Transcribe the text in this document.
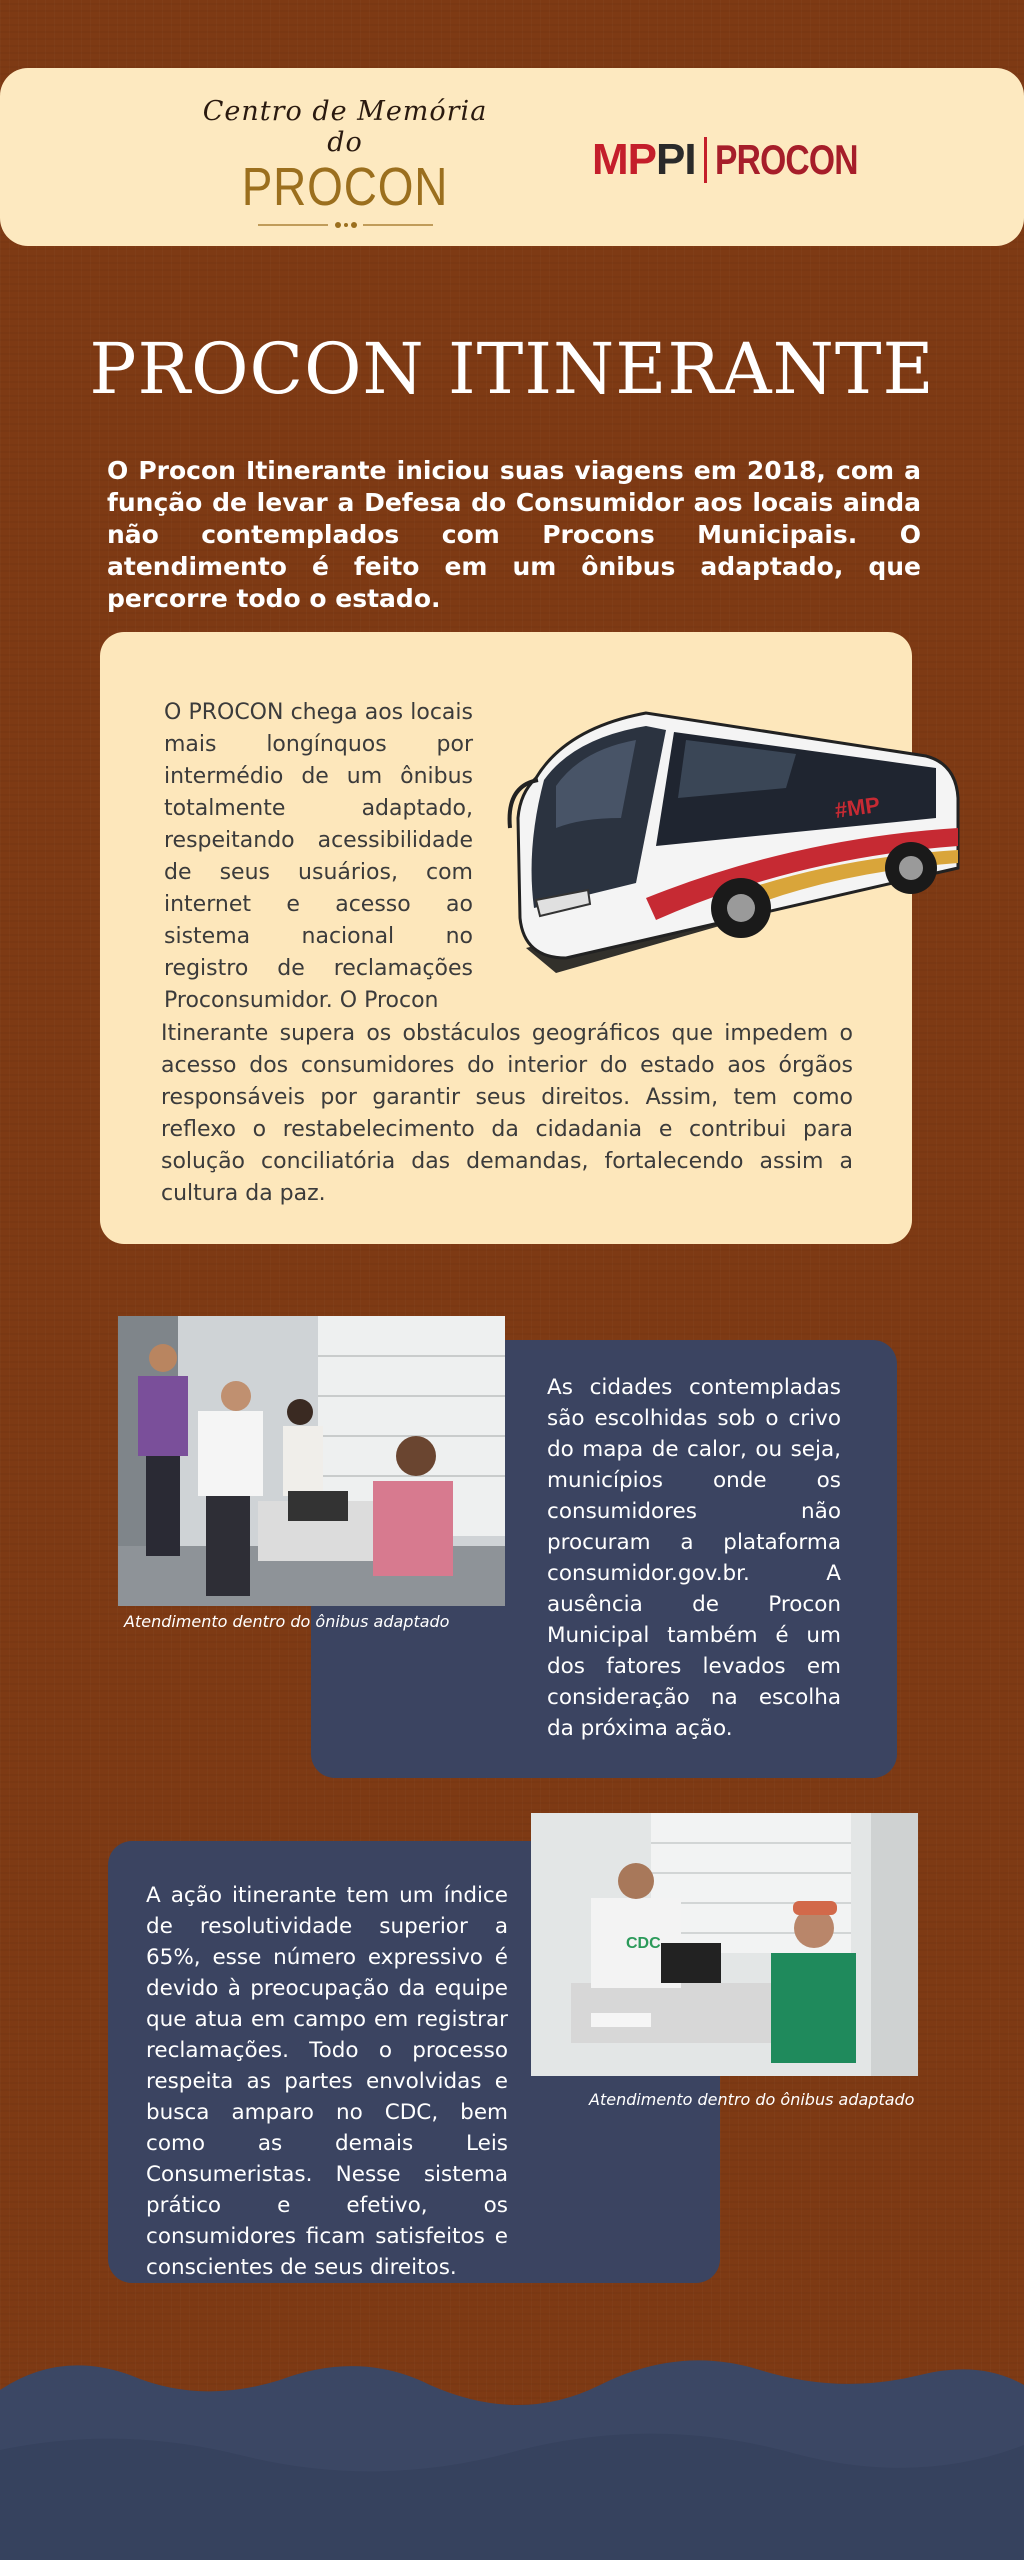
Centro de Memória do
PROCON	MPPI PROCON
PROCON ITINERANTE
O Procon Itinerante iniciou suas viagens em 2018, com a função de levar a Defesa do Consumidor aos locais ainda não contemplados com Procons Municipais. O atendimento é feito em um ônibus adaptado, que percorre todo o estado.
#MP
O PROCON chega aos locais mais longínquos por intermédio de um ônibus totalmente adaptado, respeitando acessibilidade de seus usuários, com internet e acesso ao sistema nacional no registro de reclamações Proconsumidor. O Procon
Itinerante supera os obstáculos geográficos que impedem o acesso dos consumidores do interior do estado aos órgãos responsáveis por garantir seus direitos. Assim, tem como reflexo o restabelecimento da cidadania e contribui para solução conciliatória das demandas, fortalecendo assim a cultura da paz.
Atendimento dentro do ônibus adaptado
As cidades contempladas são escolhidas sob o crivo do mapa de calor, ou seja, municípios onde os consumidores não procuram a plataforma consumidor.gov.br. A ausência de Procon Municipal também é um dos fatores levados em consideração na escolha da próxima ação.
CDC
Atendimento dentro do ônibus adaptado
A ação itinerante tem um índice de resolutividade superior a 65%, esse número expressivo é devido à preocupação da equipe que atua em campo em registrar reclamações. Todo o processo respeita as partes envolvidas e busca amparo no CDC, bem como as demais Leis Consumeristas. Nesse sistema prático e efetivo, os consumidores ficam satisfeitos e conscientes de seus direitos.
